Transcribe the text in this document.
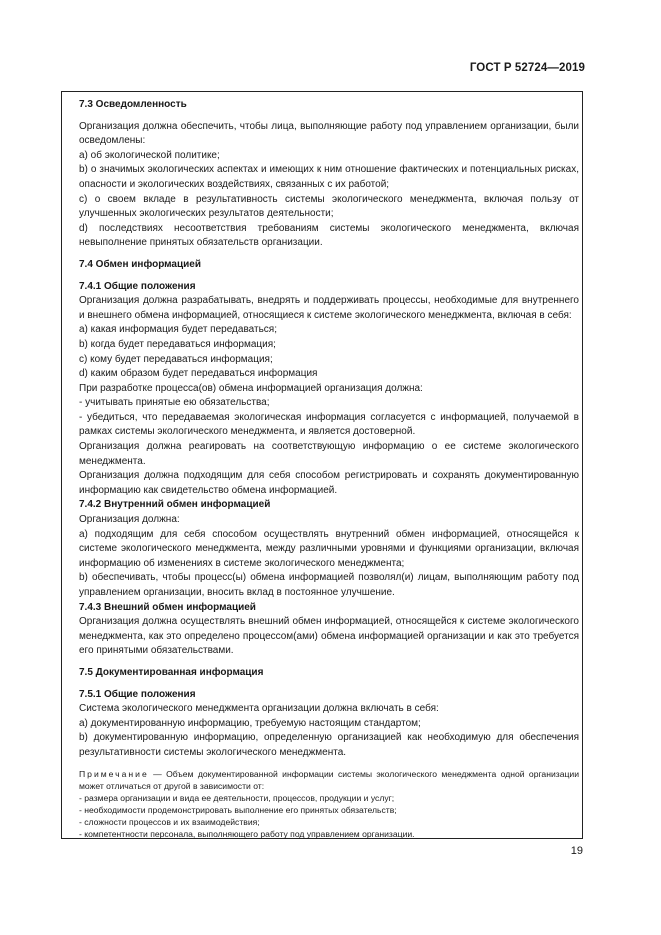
ГОСТ Р 52724—2019

7.3 Осведомленность

Организация должна обеспечить, чтобы лица, выполняющие работу под управлением организации, были осведомлены:

a) об экологической политике;

b) о значимых экологических аспектах и имеющих к ним отношение фактических и потенциальных рисках, опасности и экологических воздействиях, связанных с их работой;

c) о своем вкладе в результативность системы экологического менеджмента, включая пользу от улучшенных экологических результатов деятельности;

d) последствиях несоответствия требованиям системы экологического менеджмента, включая невыполнение принятых обязательств организации.

7.4 Обмен информацией

7.4.1 Общие положения

Организация должна разрабатывать, внедрять и поддерживать процессы, необходимые для внутреннего и внешнего обмена информацией, относящиеся к системе экологического менеджмента, включая в себя:

a) какая информация будет передаваться;

b) когда будет передаваться информация;

c) кому будет передаваться информация;

d) каким образом будет передаваться информация

При разработке процесса(ов) обмена информацией организация должна:

- учитывать принятые ею обязательства;

- убедиться, что передаваемая экологическая информация согласуется с информацией, получаемой в рамках системы экологического менеджмента, и является достоверной.

Организация должна реагировать на соответствующую информацию о ее системе экологического менеджмента.

Организация должна подходящим для себя способом регистрировать и сохранять документированную информацию как свидетельство обмена информацией.

7.4.2 Внутренний обмен информацией

Организация должна:

a) подходящим для себя способом осуществлять внутренний обмен информацией, относящейся к системе экологического менеджмента, между различными уровнями и функциями организации, включая информацию об изменениях в системе экологического менеджмента;

b) обеспечивать, чтобы процесс(ы) обмена информацией позволял(и) лицам, выполняющим работу под управлением организации, вносить вклад в постоянное улучшение.

7.4.3 Внешний обмен информацией

Организация должна осуществлять внешний обмен информацией, относящейся к системе экологического менеджмента, как это определено процессом(ами) обмена информацией организации и как это требуется его принятыми обязательствами.

7.5 Документированная информация

7.5.1 Общие положения

Система экологического менеджмента организации должна включать в себя:

a) документированную информацию, требуемую настоящим стандартом;

b) документированную информацию, определенную организацией как необходимую для обеспечения результативности системы экологического менеджмента.

Примечание — Объем документированной информации системы экологического менеджмента одной организации может отличаться от другой в зависимости от:

- размера организации и вида ее деятельности, процессов, продукции и услуг;

- необходимости продемонстрировать выполнение его принятых обязательств;

- сложности процессов и их взаимодействия;

- компетентности персонала, выполняющего работу под управлением организации.

19
